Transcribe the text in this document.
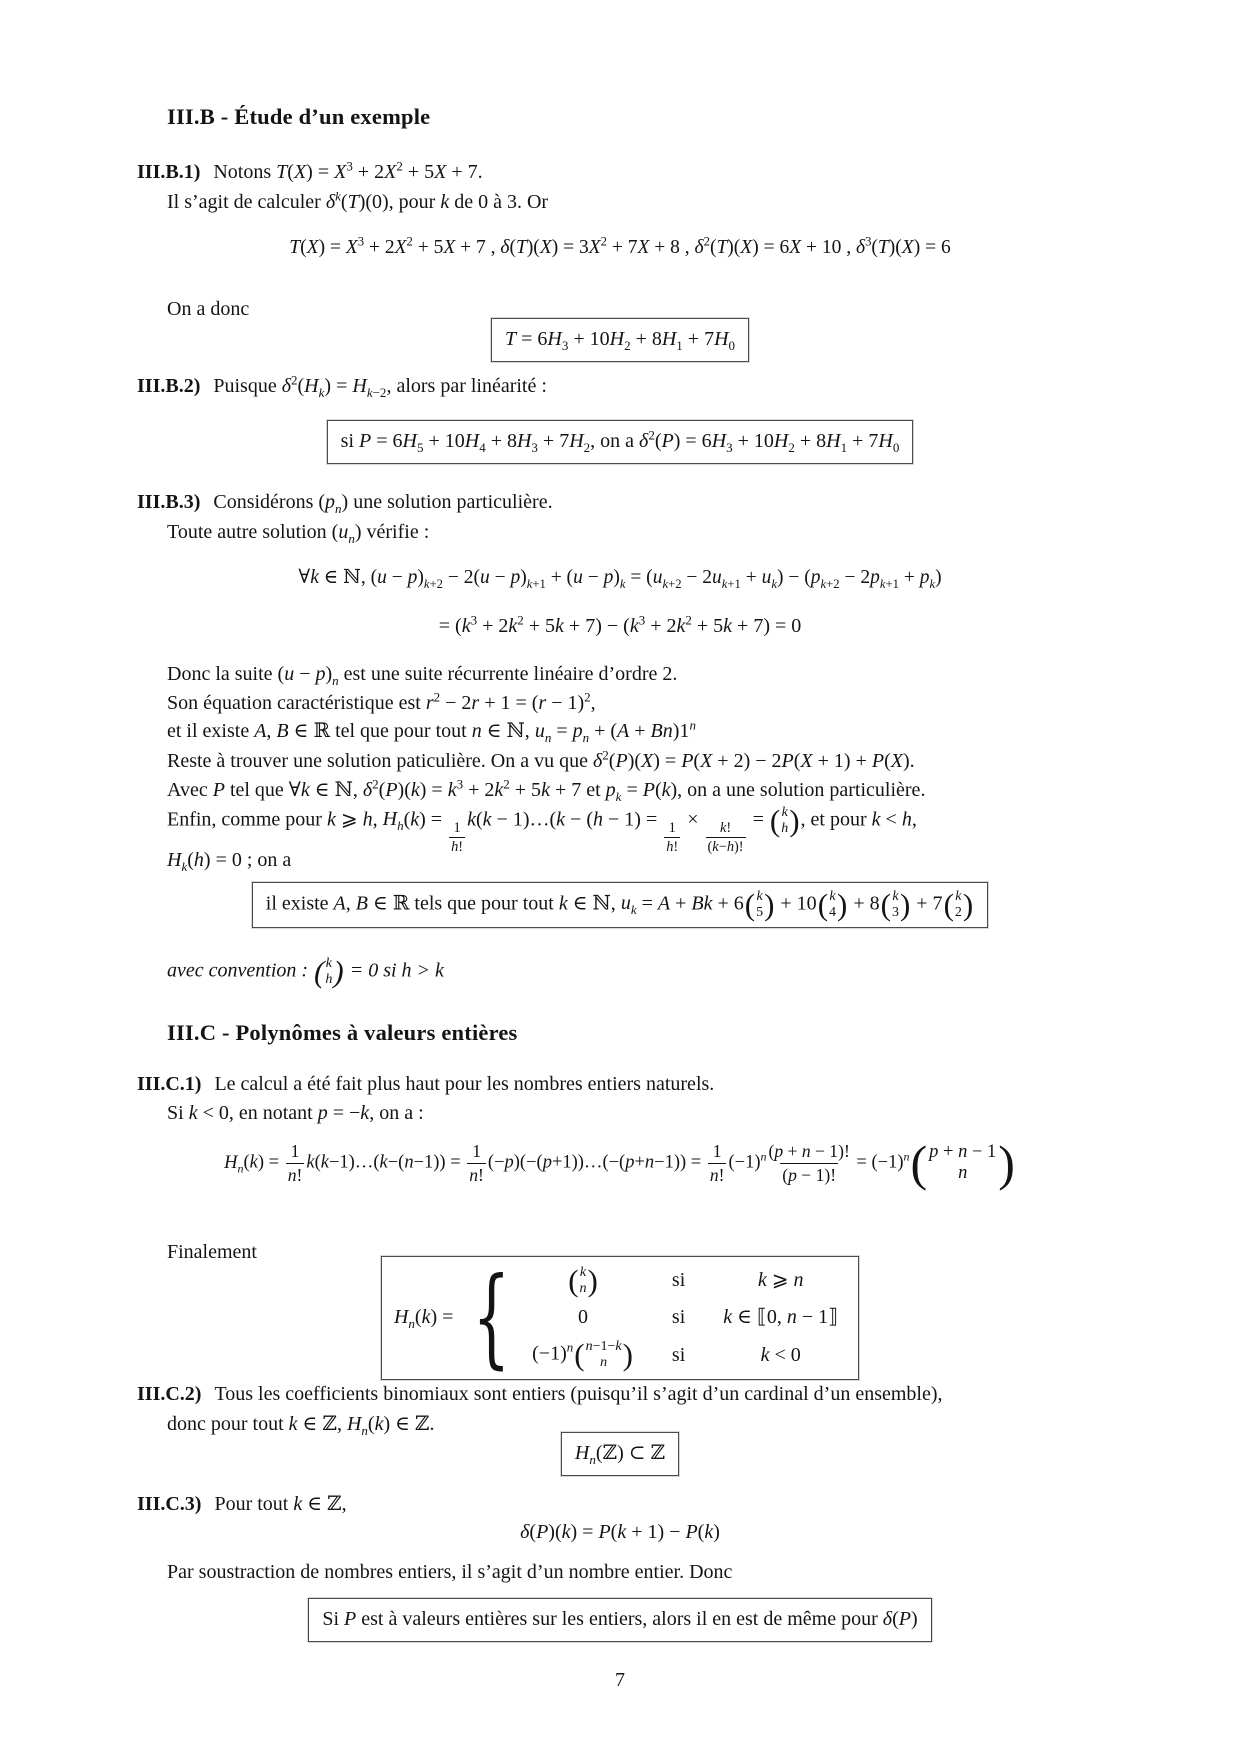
III.B - Étude d’un exemple

III.B.1) Notons $T(X) = X^3 + 2X^2 + 5X + 7$.

Il s’agit de calculer $\delta^k(T)(0)$, pour k de 0 à 3. Or

$T(X) = X^3 + 2X^2 + 5X + 7$ , $\delta(T)(X) = 3X^2 + 7X + 8$ , $\delta^2(T)(X) = 6X + 10$ , $\delta^3(T)(X) = 6$

On a donc

$T = 6H_3 + 10H_2 + 8H_1 + 7H_0$

III.B.2) Puisque $\delta^2(H_k) = H_{k-2}$, alors par linéarité :

si $P = 6H_5 + 10H_4 + 8H_3 + 7H_2$, on a $\delta^2(P) = 6H_3 + 10H_2 + 8H_1 + 7H_0$

III.B.3) Considérons $(p_n)$ une solution particulière.

Toute autre solution $(u_n)$ vérifie :

∀k ∈ ℕ, $(u - p)_{k+2} - 2(u - p)_{k+1} + (u - p)_k = (u_{k+2} - 2u_{k+1} + u_k) - (p_{k+2} - 2p_{k+1} + p_k)$

= $(k^3 + 2k^2 + 5k + 7) - (k^3 + 2k^2 + 5k + 7) = 0$

Donc la suite $(u - p)_n$ est une suite récurrente linéaire d’ordre 2.

Son équation caractéristique est $r^2 - 2r + 1 = (r - 1)^2$,

et il existe A, B ∈ ℝ tel que pour tout n ∈ ℕ, $u_n = p_n + (A + Bn)1^n$

Reste à trouver une solution paticulière. On a vu que $\delta^2(P)(X) = P(X + 2) - 2P(X + 1) + P(X)$.

Avec P tel que ∀k ∈ ℕ, $\delta^2(P)(k) = k^3 + 2k^2 + 5k + 7$ et $p_k = P(k)$, on a une solution particulière.

Enfin, comme pour k ⩾ h, $H_h(k)$ =
$\frac{1}{h!}$
k(k − 1)…(k − (h − 1) =
$\frac{1}{h!}$
×
$\frac{k!}{(k-h)!}$
= ( k
h ) , et pour k < h,

$H_k(h) = 0$ ; on a

il existe A, B ∈ ℝ tels que pour tout k ∈ ℕ, $u_k = A + Bk + 6$ ( k
5 ) + 10 ( k
4 ) + 8 ( k
3 ) + 7 ( k
2 )

avec convention : ( k
h ) = 0 si h > k

III.C - Polynômes à valeurs entières

III.C.1) Le calcul a été fait plus haut pour les nombres entiers naturels.

Si k < 0, en notant p = −k, on a :

$H_n(k) = \frac{1}{n!}$ k(k−1)…(k−(n−1)) = $\frac{1}{n!}$ (−p)(−(p+1))…(−(p+n−1)) = $\frac{1}{n!} (-1)^n \frac{(p + n - 1)!}{(p - 1)!} = (-1)^n$ ( p + n − 1
n )

Finalement

$H_n(k)$ = { ( k
n )	si	k ⩾ n
0	si k ∈ ⟦0, n − 1⟧
$(-1)^n$ ( n−1−k
n ) si	k < 0

III.C.2) Tous les coefficients binomiaux sont entiers (puisqu’il s’agit d’un cardinal d’un ensemble),

donc pour tout k ∈ ℤ, $H_n(k)$ ∈ ℤ.

$H_n(ℤ)$ ⊂ ℤ

III.C.3) Pour tout k ∈ ℤ,

δ(P)(k) = P(k + 1) − P(k)

Par soustraction de nombres entiers, il s’agit d’un nombre entier. Donc

Si P est à valeurs entières sur les entiers, alors il en est de même pour δ(P)

7
